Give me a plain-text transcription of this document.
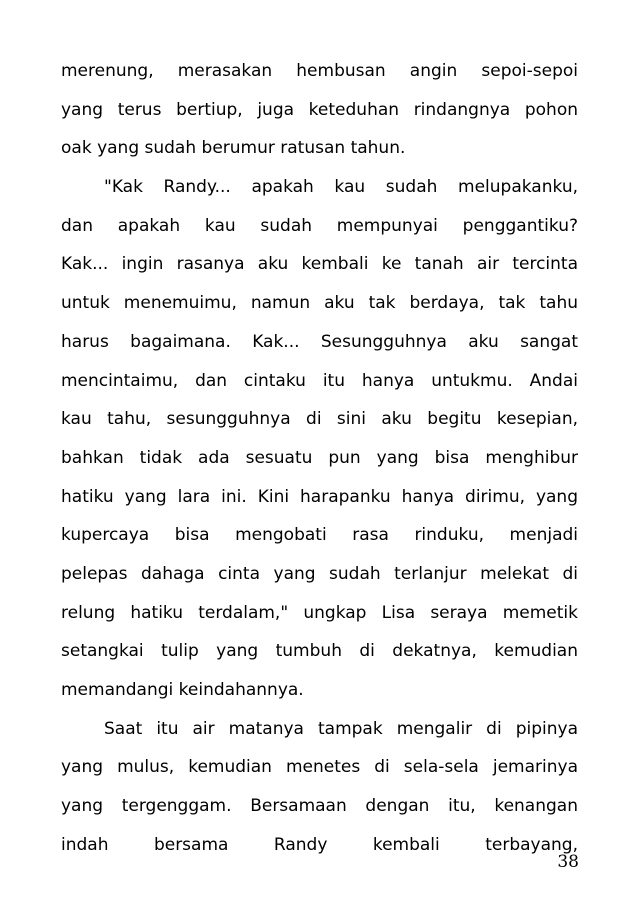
merenung, merasakan hembusan angin sepoi-sepoi
yang terus bertiup, juga keteduhan rindangnya pohon
oak yang sudah berumur ratusan tahun.
"Kak Randy... apakah kau sudah melupakanku,
dan apakah kau sudah mempunyai penggantiku?
Kak... ingin rasanya aku kembali ke tanah air tercinta
untuk menemuimu, namun aku tak berdaya, tak tahu
harus bagaimana. Kak... Sesungguhnya aku sangat
mencintaimu, dan cintaku itu hanya untukmu. Andai
kau tahu, sesungguhnya di sini aku begitu kesepian,
bahkan tidak ada sesuatu pun yang bisa menghibur
hatiku yang lara ini. Kini harapanku hanya dirimu, yang
kupercaya bisa mengobati rasa rinduku, menjadi
pelepas dahaga cinta yang sudah terlanjur melekat di
relung hatiku terdalam," ungkap Lisa seraya memetik
setangkai tulip yang tumbuh di dekatnya, kemudian
memandangi keindahannya.
Saat itu air matanya tampak mengalir di pipinya
yang mulus, kemudian menetes di sela-sela jemarinya
yang tergenggam. Bersamaan dengan itu, kenangan
indah bersama Randy kembali terbayang,
38
